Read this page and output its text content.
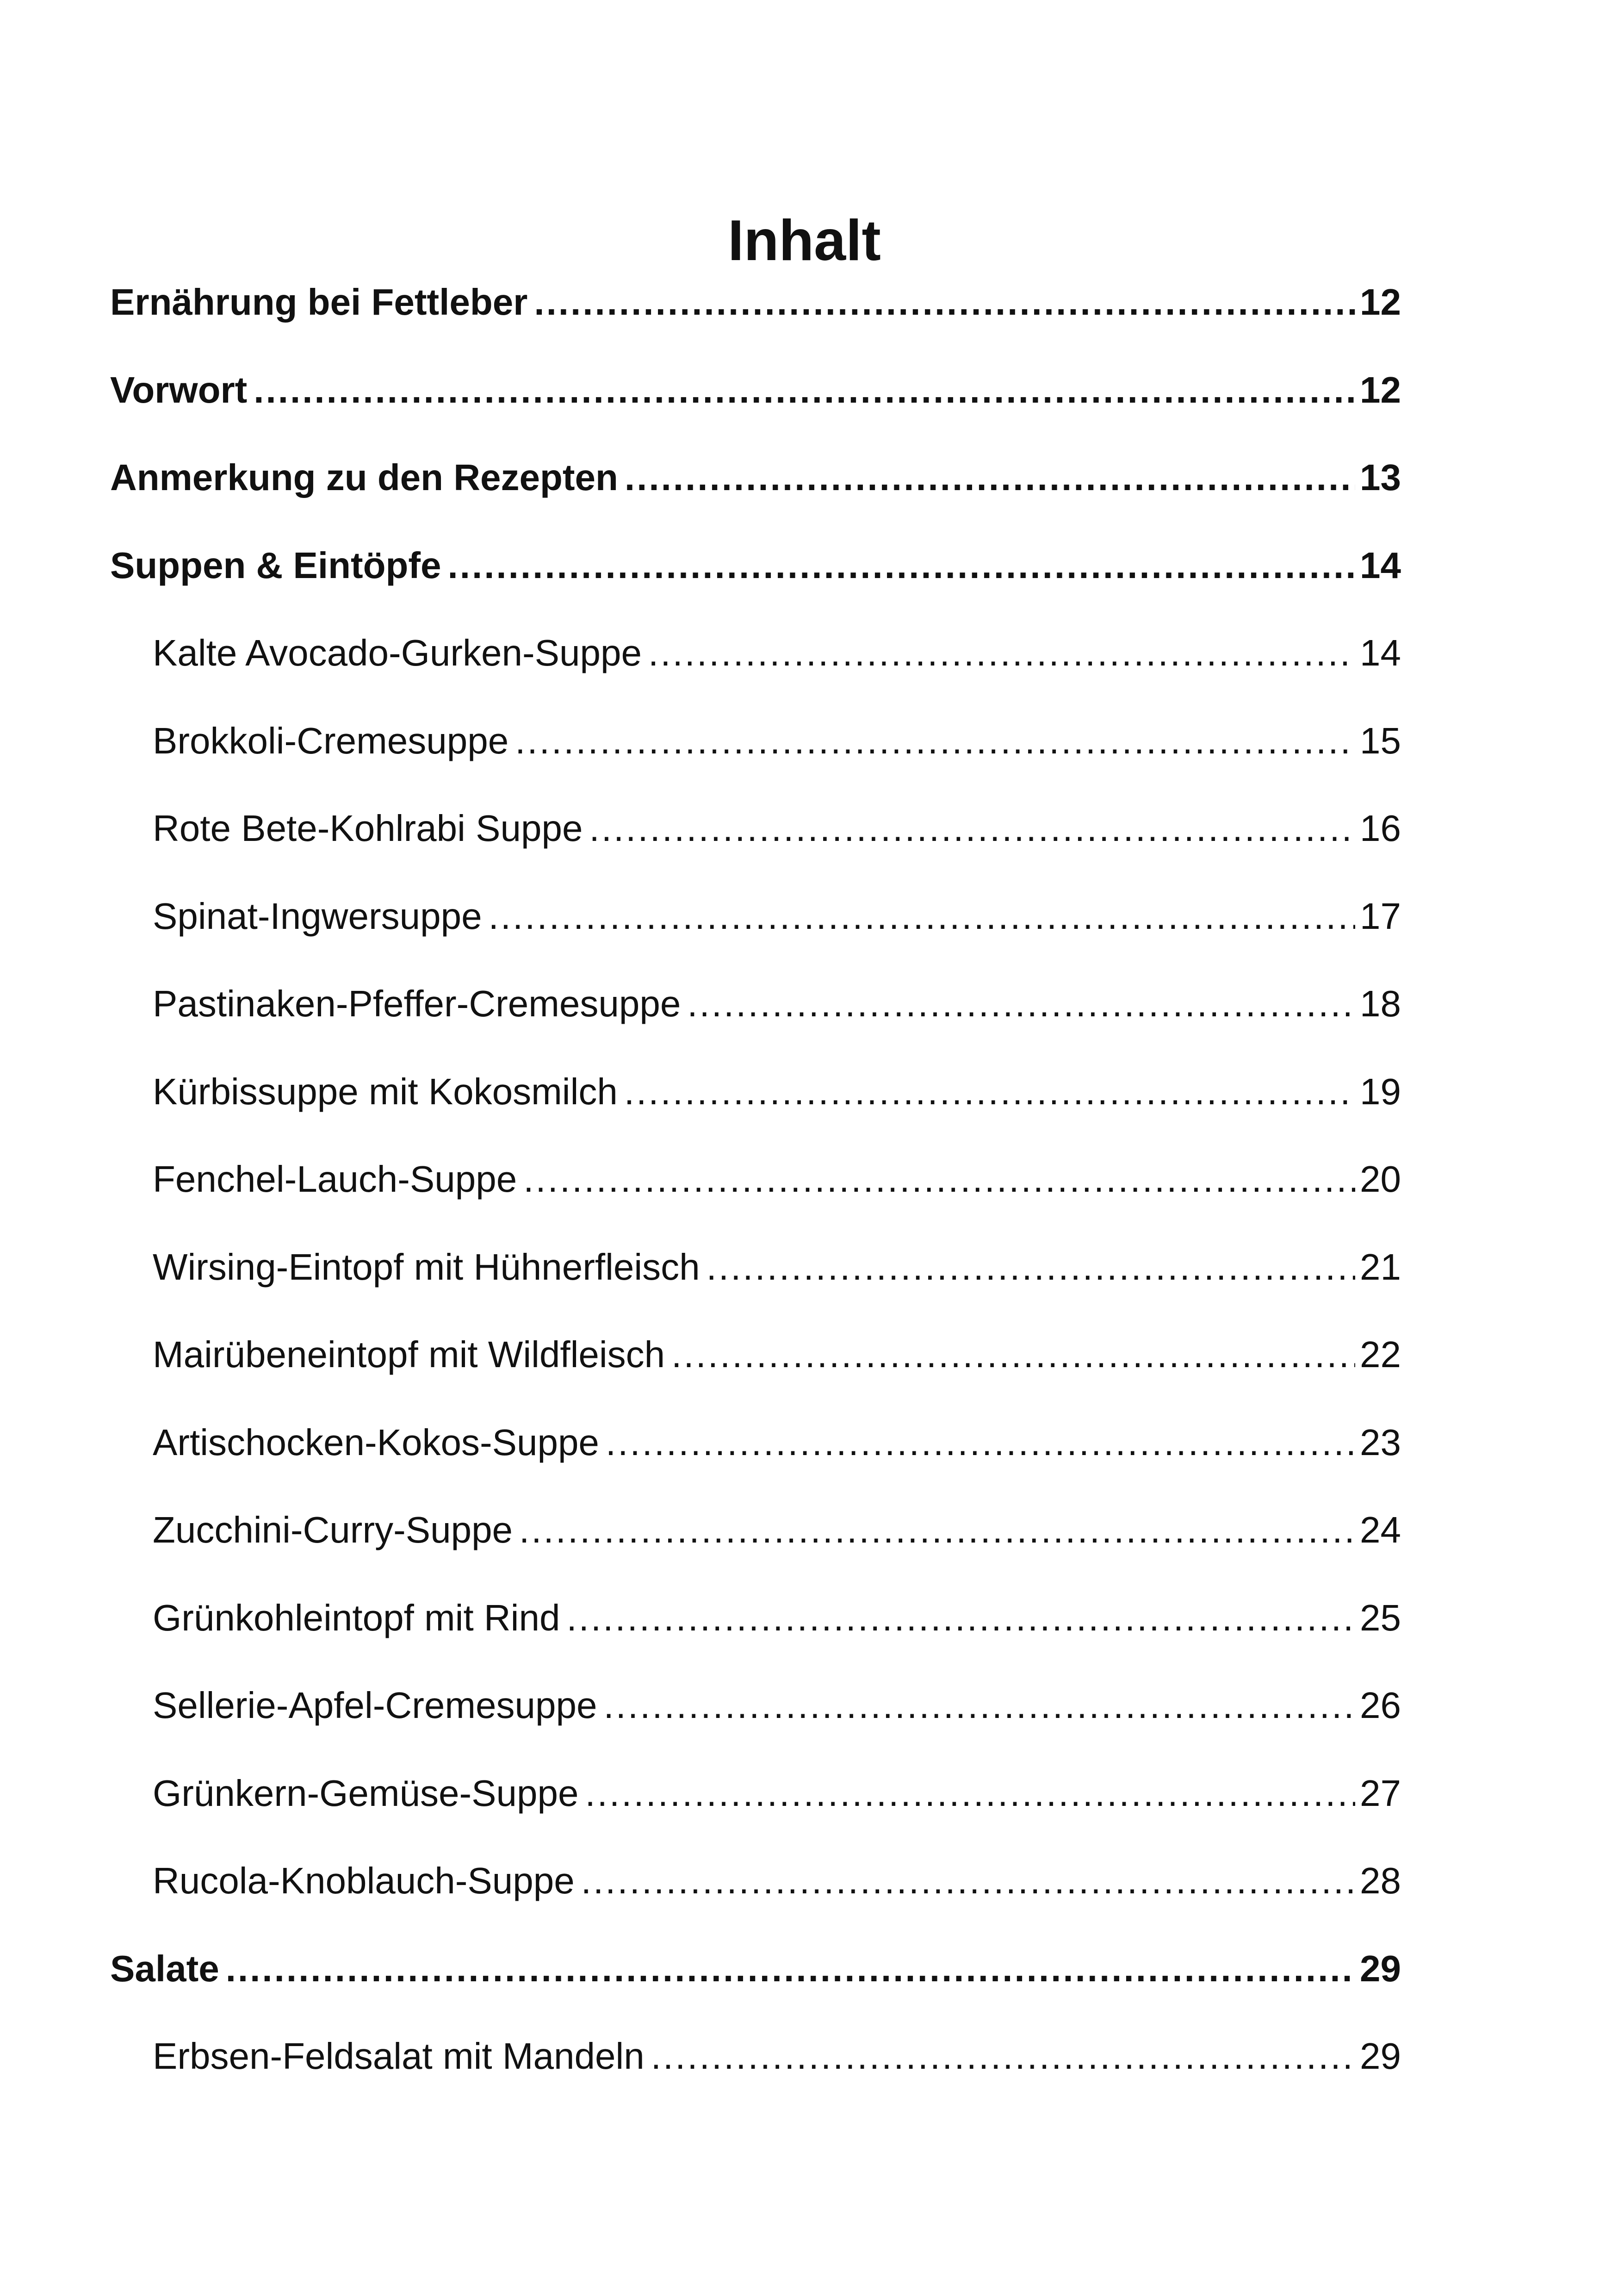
Inhalt
Ernährung bei Fettleber .....	12
Vorwort .....	12
Anmerkung zu den Rezepten .....	13
Suppen & Eintöpfe .....	14
Kalte Avocado-Gurken-Suppe .....	14
Brokkoli-Cremesuppe .....	15
Rote Bete-Kohlrabi Suppe .....	16
Spinat-Ingwersuppe .....	17
Pastinaken-Pfeffer-Cremesuppe .....	18
Kürbissuppe mit Kokosmilch .....	19
Fenchel-Lauch-Suppe .....	20
Wirsing-Eintopf mit Hühnerfleisch .....	21
Mairübeneintopf mit Wildfleisch .....	22
Artischocken-Kokos-Suppe .....	23
Zucchini-Curry-Suppe .....	24
Grünkohleintopf mit Rind .....	25
Sellerie-Apfel-Cremesuppe .....	26
Grünkern-Gemüse-Suppe .....	27
Rucola-Knoblauch-Suppe .....	28
Salate .....	29
Erbsen-Feldsalat mit Mandeln .....	29
